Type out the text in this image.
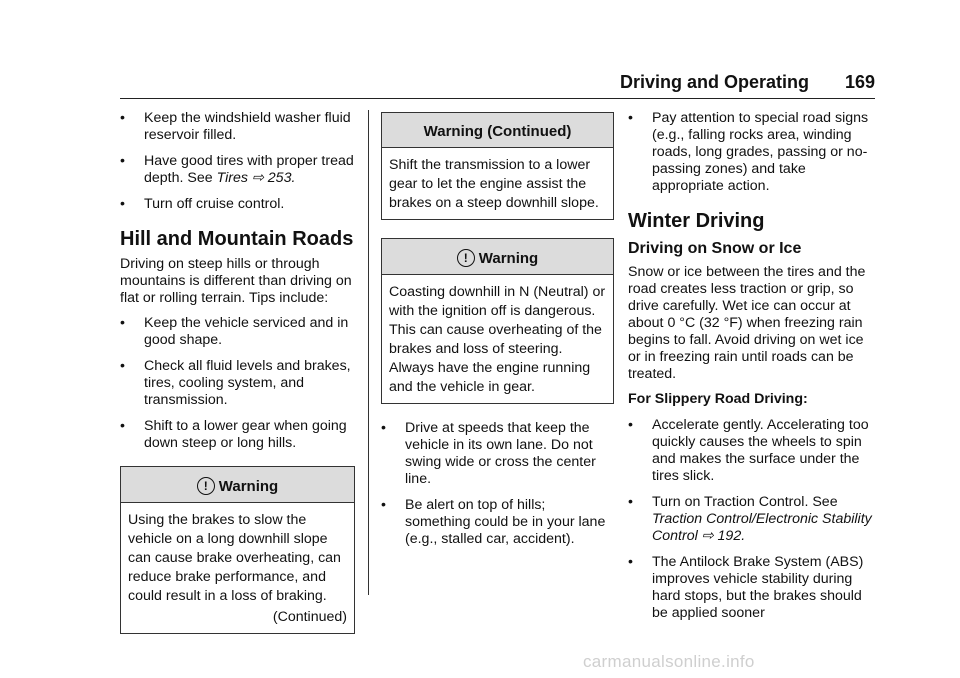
Driving and Operating 169
• Keep the windshield washer fluid reservoir filled.
• Have good tires with proper tread depth. See Tires ⇨ 253.
• Turn off cruise control.
Hill and Mountain Roads

Driving on steep hills or through mountains is different than driving on flat or rolling terrain. Tips include:

• Keep the vehicle serviced and in good shape.
• Check all fluid levels and brakes, tires, cooling system, and transmission.
• Shift to a lower gear when going down steep or long hills.
! Warning
Using the brakes to slow the vehicle on a long downhill slope can cause brake overheating, can reduce brake performance, and could result in a loss of braking.
(Continued)
Warning (Continued)
Shift the transmission to a lower gear to let the engine assist the brakes on a steep downhill slope.
! Warning
Coasting downhill in N (Neutral) or with the ignition off is dangerous. This can cause overheating of the brakes and loss of steering. Always have the engine running and the vehicle in gear.
• Drive at speeds that keep the vehicle in its own lane. Do not swing wide or cross the center line.
• Be alert on top of hills; something could be in your lane (e.g., stalled car, accident).
• Pay attention to special road signs (e.g., falling rocks area, winding roads, long grades, passing or no-passing zones) and take appropriate action.
Winter Driving
Driving on Snow or Ice

Snow or ice between the tires and the road creates less traction or grip, so drive carefully. Wet ice can occur at about 0 °C (32 °F) when freezing rain begins to fall. Avoid driving on wet ice or in freezing rain until roads can be treated.

For Slippery Road Driving:
• Accelerate gently. Accelerating too quickly causes the wheels to spin and makes the surface under the tires slick.
• Turn on Traction Control. See Traction Control/Electronic Stability Control ⇨ 192.
• The Antilock Brake System (ABS) improves vehicle stability during hard stops, but the brakes should be applied sooner
carmanualsonline.info
